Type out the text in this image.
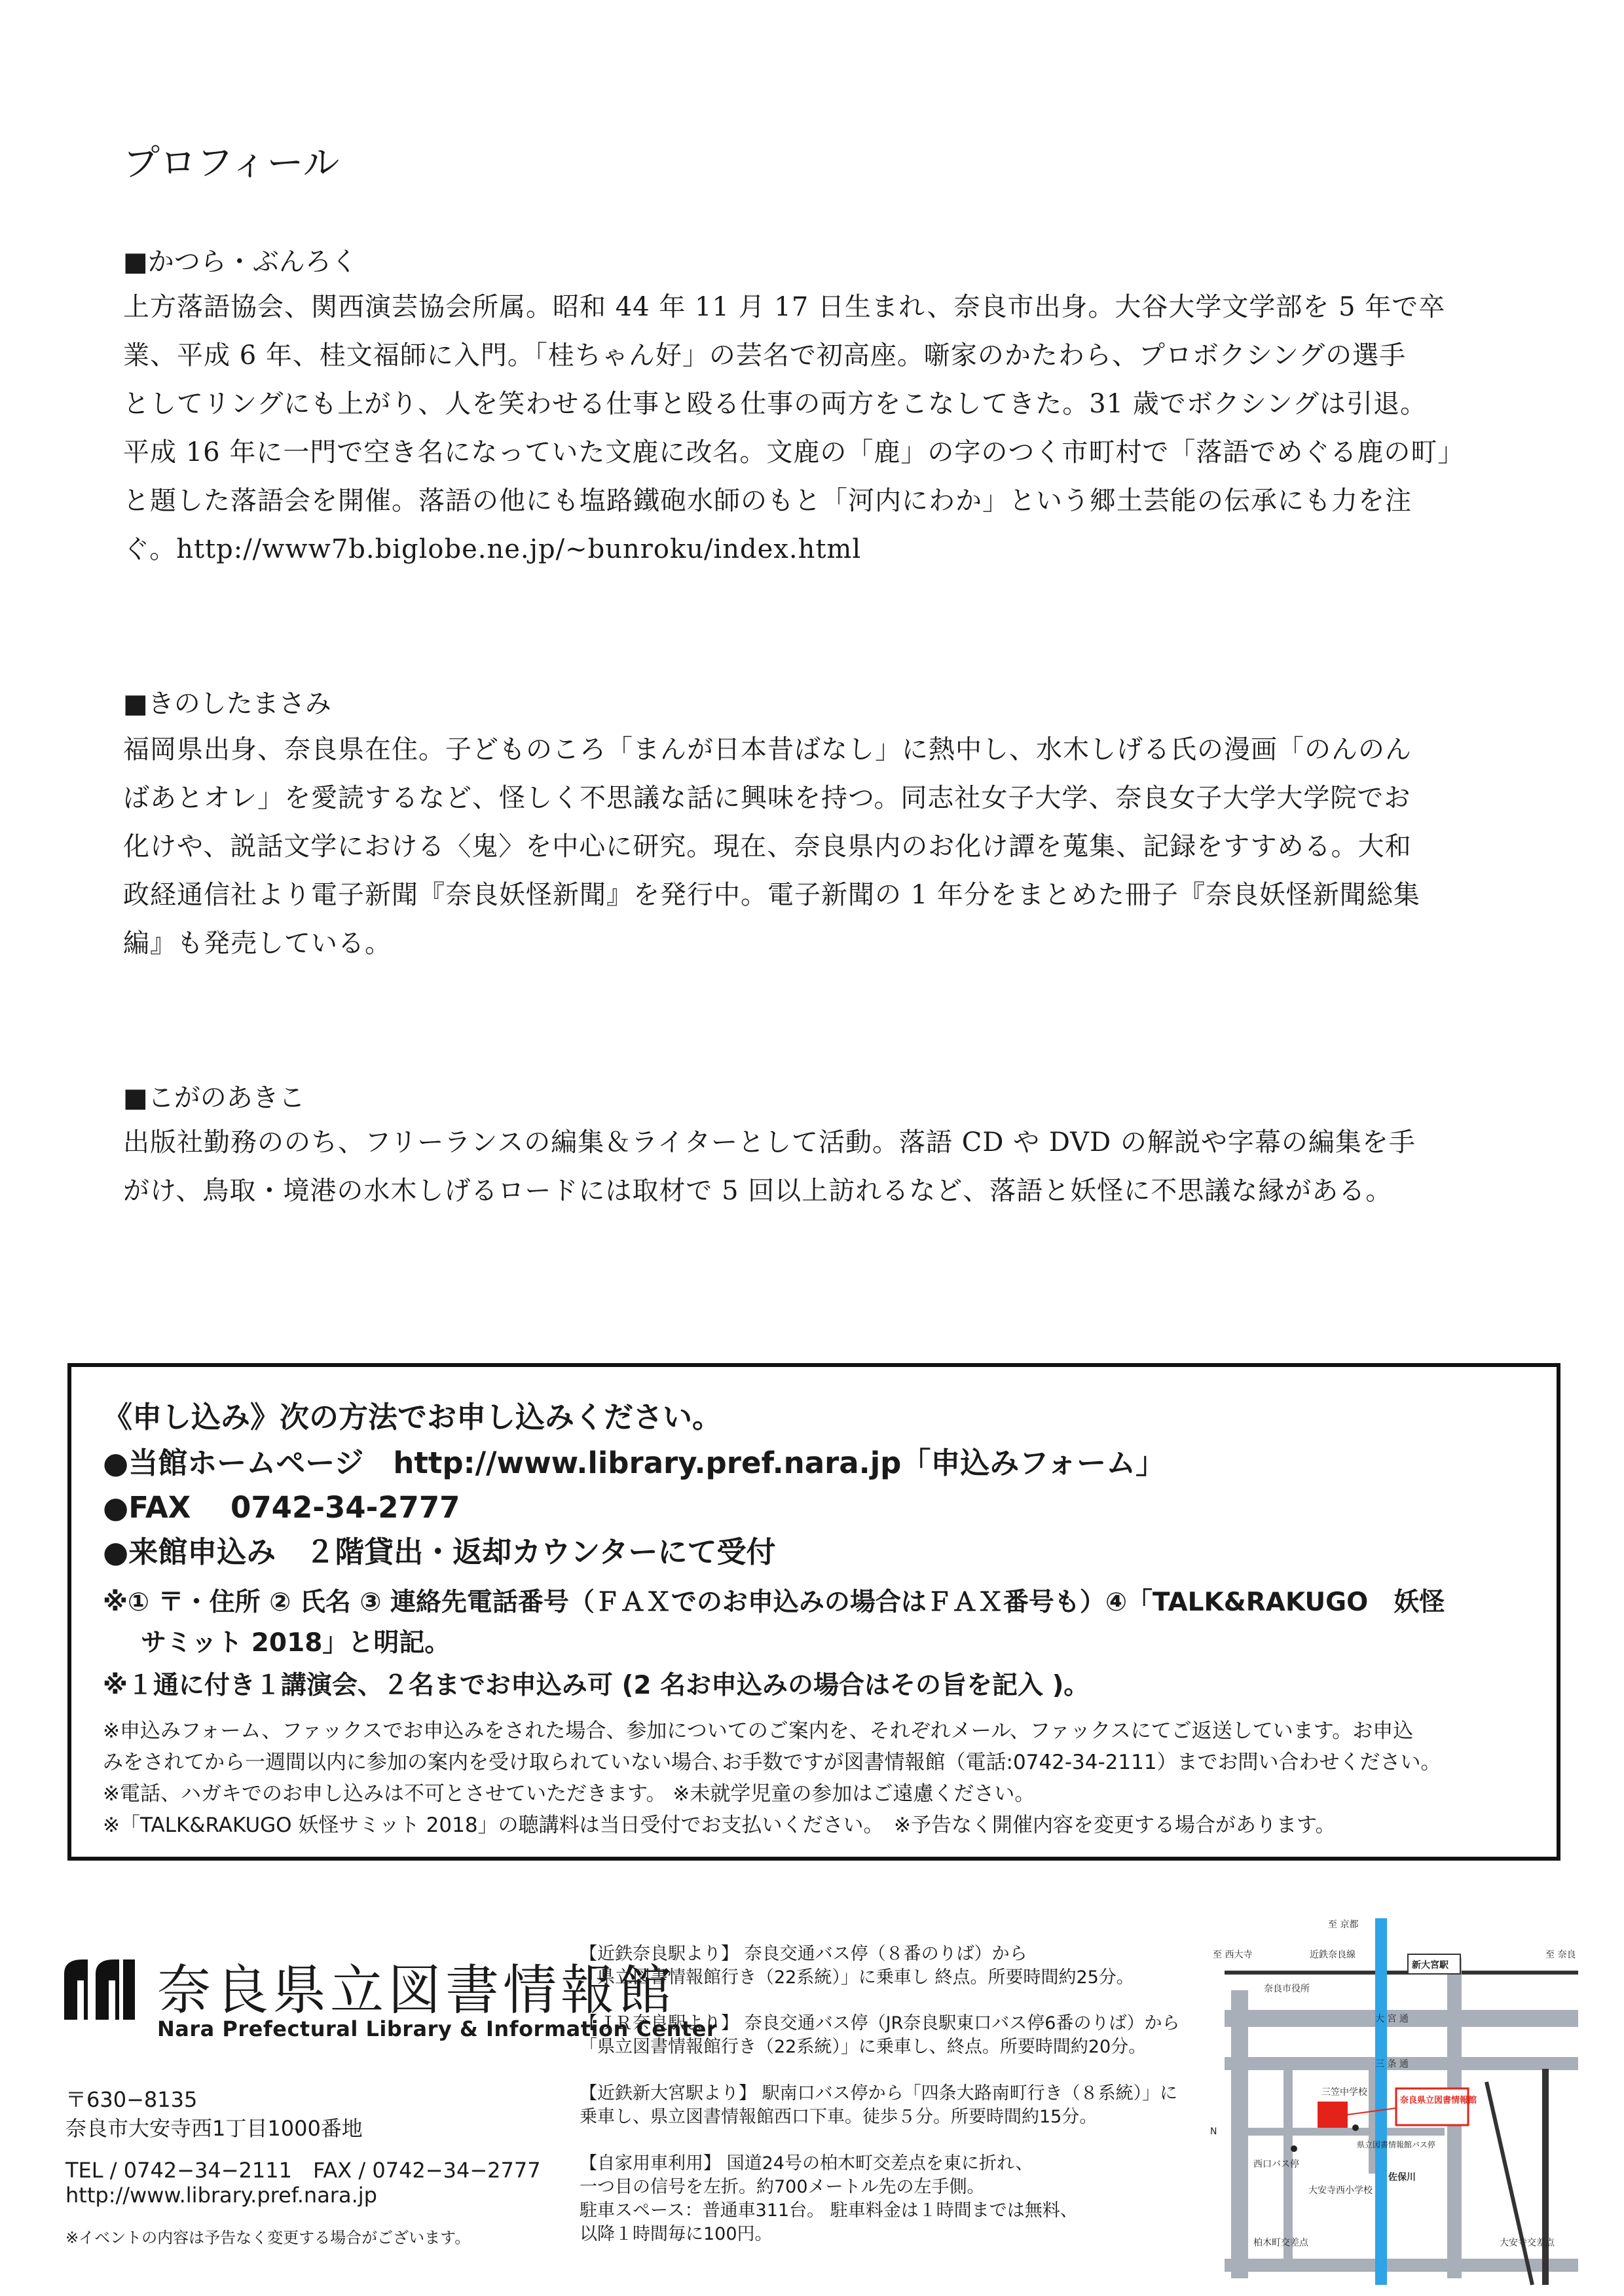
プロフィール
■かつら・ぶんろく
上方落語協会、関西演芸協会所属。昭和 44 年 11 月 17 日生まれ、奈良市出身。大谷大学文学部を 5 年で卒
業、平成 6 年、桂文福師に入門。「桂ちゃん好」の芸名で初高座。噺家のかたわら、プロボクシングの選手
としてリングにも上がり、人を笑わせる仕事と殴る仕事の両方をこなしてきた。31 歳でボクシングは引退。
平成 16 年に一門で空き名になっていた文鹿に改名。文鹿の「鹿」の字のつく市町村で「落語でめぐる鹿の町」
と題した落語会を開催。落語の他にも塩路鐵砲水師のもと「河内にわか」という郷土芸能の伝承にも力を注
ぐ。http://www7b.biglobe.ne.jp/~bunroku/index.html
■きのしたまさみ
福岡県出身、奈良県在住。子どものころ「まんが日本昔ばなし」に熱中し、水木しげる氏の漫画「のんのん
ばあとオレ」を愛読するなど、怪しく不思議な話に興味を持つ。同志社女子大学、奈良女子大学大学院でお
化けや、説話文学における〈鬼〉を中心に研究。現在、奈良県内のお化け譚を蒐集、記録をすすめる。大和
政経通信社より電子新聞『奈良妖怪新聞』を発行中。電子新聞の 1 年分をまとめた冊子『奈良妖怪新聞総集
編』も発売している。
■こがのあきこ
出版社勤務ののち、フリーランスの編集＆ライターとして活動。落語 CD や DVD の解説や字幕の編集を手
がけ、鳥取・境港の水木しげるロードには取材で 5 回以上訪れるなど、落語と妖怪に不思議な縁がある。
《申し込み》次の方法でお申し込みください。
●当館ホームページ　http://www.library.pref.nara.jp「申込みフォーム」
●FAX　 0742-34-2777
●来館申込み　２階貸出・返却カウンターにて受付
※① 〒・住所 ② 氏名 ③ 連絡先電話番号（ＦＡＸでのお申込みの場合はＦＡＸ番号も）④「TALK&RAKUGO　妖怪
サミット 2018」と明記。
※１通に付き１講演会、２名までお申込み可 (2 名お申込みの場合はその旨を記入 )。
※申込みフォーム、ファックスでお申込みをされた場合、参加についてのご案内を、それぞれメール、ファックスにてご返送しています。お申込
みをされてから一週間以内に参加の案内を受け取られていない場合､お手数ですが図書情報館（電話:0742-34-2111）までお問い合わせください。
※電話、ハガキでのお申し込みは不可とさせていただきます。 ※未就学児童の参加はご遠慮ください。
※「TALK&RAKUGO 妖怪サミット 2018」の聴講料は当日受付でお支払いください。　※予告なく開催内容を変更する場合があります。
奈良県立図書情報館
Nara Prefectural Library & Information Center
〒630−8135
奈良市大安寺西1丁目1000番地
TEL / 0742−34−2111　FAX / 0742−34−2777
http://www.library.pref.nara.jp
※イベントの内容は予告なく変更する場合がございます。
【近鉄奈良駅より】 奈良交通バス停（８番のりば）から
「県立図書情報館行き（22系統）」に乗車し 終点。所要時間約25分。
【ＪＲ奈良駅より】 奈良交通バス停（JR奈良駅東口バス停6番のりば）から
「県立図書情報館行き（22系統）」に乗車し、終点。所要時間約20分。
【近鉄新大宮駅より】 駅南口バス停から「四条大路南町行き（８系統）」に
乗車し、県立図書情報館西口下車。徒歩５分。所要時間約15分。
【自家用車利用】 国道24号の柏木町交差点を東に折れ、
一つ目の信号を左折。約700メートル先の左手側。
駐車スペース：普通車311台。 駐車料金は１時間までは無料、
以降１時間毎に100円。
至 京都
至 西大寺	至 奈良
近鉄奈良線
新大宮駅
奈良市役所
大 宮 通
三 条 通
N
三笠中学校
奈良県立図書情報館
西口バス停
大安寺西小学校
県立図書情報館バス停
佐保川
柏木町交差点	大安寺交差点
